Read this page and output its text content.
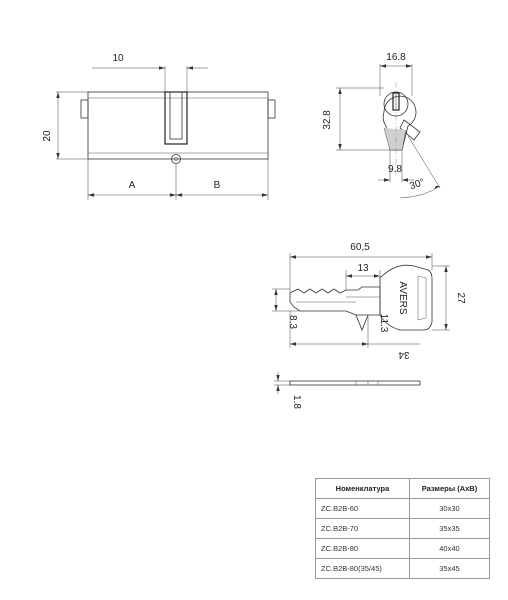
10
20
A	B
16.8
32.8
9.8
30°
AVERS
60,5
13
27
8.3	11.3
34
1.8
Номенклатура	Размеры (AxB)
ZC.B2B-60	30x30
ZC.B2B-70	35x35
ZC.B2B-80	40x40
ZC.B2B-80(35/45)	35x45
